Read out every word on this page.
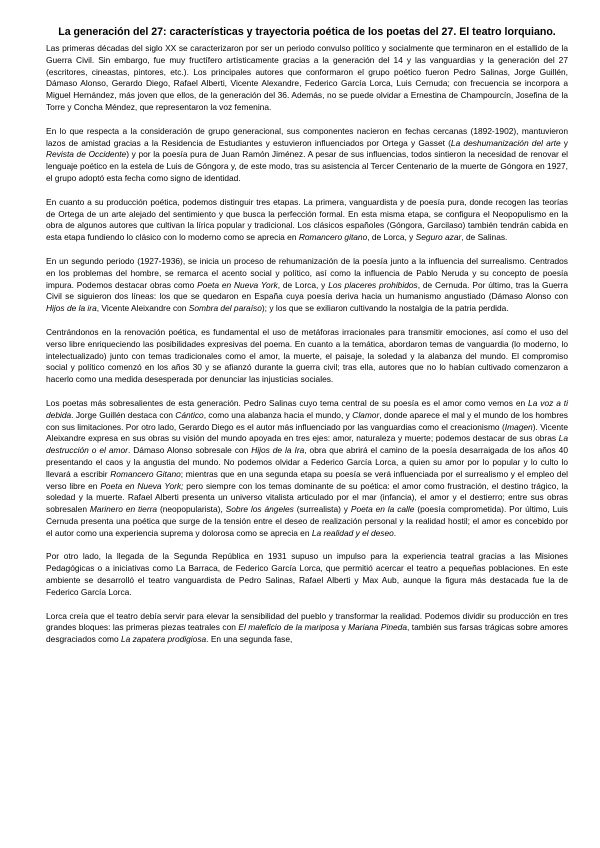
La generación del 27: características y trayectoria poética de los poetas del 27. El teatro lorquiano.

Las primeras décadas del siglo XX se caracterizaron por ser un periodo convulso político y socialmente que terminaron en el estallido de la Guerra Civil. Sin embargo, fue muy fructífero artísticamente gracias a la generación del 14 y las vanguardias y la generación del 27 (escritores, cineastas, pintores, etc.). Los principales autores que conformaron el grupo poético fueron Pedro Salinas, Jorge Guillén, Dámaso Alonso, Gerardo Diego, Rafael Alberti, Vicente Alexandre, Federico García Lorca, Luis Cernuda; con frecuencia se incorpora a Miguel Hernández, más joven que ellos, de la generación del 36. Además, no se puede olvidar a Ernestina de Champourcín, Josefina de la Torre y Concha Méndez, que representaron la voz femenina.

En lo que respecta a la consideración de grupo generacional, sus componentes nacieron en fechas cercanas (1892-1902), mantuvieron lazos de amistad gracias a la Residencia de Estudiantes y estuvieron influenciados por Ortega y Gasset (La deshumanización del arte y Revista de Occidente) y por la poesía pura de Juan Ramón Jiménez. A pesar de sus influencias, todos sintieron la necesidad de renovar el lenguaje poético en la estela de Luis de Góngora y, de este modo, tras su asistencia al Tercer Centenario de la muerte de Góngora en 1927, el grupo adoptó esta fecha como signo de identidad.

En cuanto a su producción poética, podemos distinguir tres etapas. La primera, vanguardista y de poesía pura, donde recogen las teorías de Ortega de un arte alejado del sentimiento y que busca la perfección formal. En esta misma etapa, se configura el Neopopulismo en la obra de algunos autores que cultivan la lírica popular y tradicional. Los clásicos españoles (Góngora, Garcilaso) también tendrán cabida en esta etapa fundiendo lo clásico con lo moderno como se aprecia en Romancero gitano, de Lorca, y Seguro azar, de Salinas.

En un segundo periodo (1927-1936), se inicia un proceso de rehumanización de la poesía junto a la influencia del surrealismo. Centrados en los problemas del hombre, se remarca el acento social y político, así como la influencia de Pablo Neruda y su concepto de poesía impura. Podemos destacar obras como Poeta en Nueva York, de Lorca, y Los placeres prohibidos, de Cernuda. Por último, tras la Guerra Civil se siguieron dos líneas: los que se quedaron en España cuya poesía deriva hacia un humanismo angustiado (Dámaso Alonso con Hijos de la ira, Vicente Aleixandre con Sombra del paraíso); y los que se exiliaron cultivando la nostalgia de la patria perdida.

Centrándonos en la renovación poética, es fundamental el uso de metáforas irracionales para transmitir emociones, así como el uso del verso libre enriqueciendo las posibilidades expresivas del poema. En cuanto a la temática, abordaron temas de vanguardia (lo moderno, lo intelectualizado) junto con temas tradicionales como el amor, la muerte, el paisaje, la soledad y la alabanza del mundo. El compromiso social y político comenzó en los años 30 y se afianzó durante la guerra civil; tras ella, autores que no lo habían cultivado comenzaron a hacerlo como una medida desesperada por denunciar las injusticias sociales.

Los poetas más sobresalientes de esta generación. Pedro Salinas cuyo tema central de su poesía es el amor como vemos en La voz a ti debida. Jorge Guillén destaca con Cántico, como una alabanza hacia el mundo, y Clamor, donde aparece el mal y el mundo de los hombres con sus limitaciones. Por otro lado, Gerardo Diego es el autor más influenciado por las vanguardias como el creacionismo (Imagen). Vicente Aleixandre expresa en sus obras su visión del mundo apoyada en tres ejes: amor, naturaleza y muerte; podemos destacar de sus obras La destrucción o el amor. Dámaso Alonso sobresale con Hijos de la Ira, obra que abrirá el camino de la poesía desarraigada de los años 40 presentando el caos y la angustia del mundo. No podemos olvidar a Federico García Lorca, a quien su amor por lo popular y lo culto lo llevará a escribir Romancero Gitano; mientras que en una segunda etapa su poesía se verá influenciada por el surrealismo y el empleo del verso libre en Poeta en Nueva York; pero siempre con los temas dominante de su poética: el amor como frustración, el destino trágico, la soledad y la muerte. Rafael Alberti presenta un universo vitalista articulado por el mar (infancia), el amor y el destierro; entre sus obras sobresalen Marinero en tierra (neopopularista), Sobre los ángeles (surrealista) y Poeta en la calle (poesía comprometida). Por último, Luis Cernuda presenta una poética que surge de la tensión entre el deseo de realización personal y la realidad hostil; el amor es concebido por el autor como una experiencia suprema y dolorosa como se aprecia en La realidad y el deseo.

Por otro lado, la llegada de la Segunda República en 1931 supuso un impulso para la experiencia teatral gracias a las Misiones Pedagógicas o a iniciativas como La Barraca, de Federico García Lorca, que permitió acercar el teatro a pequeñas poblaciones. En este ambiente se desarrolló el teatro vanguardista de Pedro Salinas, Rafael Alberti y Max Aub, aunque la figura más destacada fue la de Federico García Lorca.

Lorca creía que el teatro debía servir para elevar la sensibilidad del pueblo y transformar la realidad. Podemos dividir su producción en tres grandes bloques: las primeras piezas teatrales con El maleficio de la mariposa y Mariana Pineda, también sus farsas trágicas sobre amores desgraciados como La zapatera prodigiosa. En una segunda fase,
